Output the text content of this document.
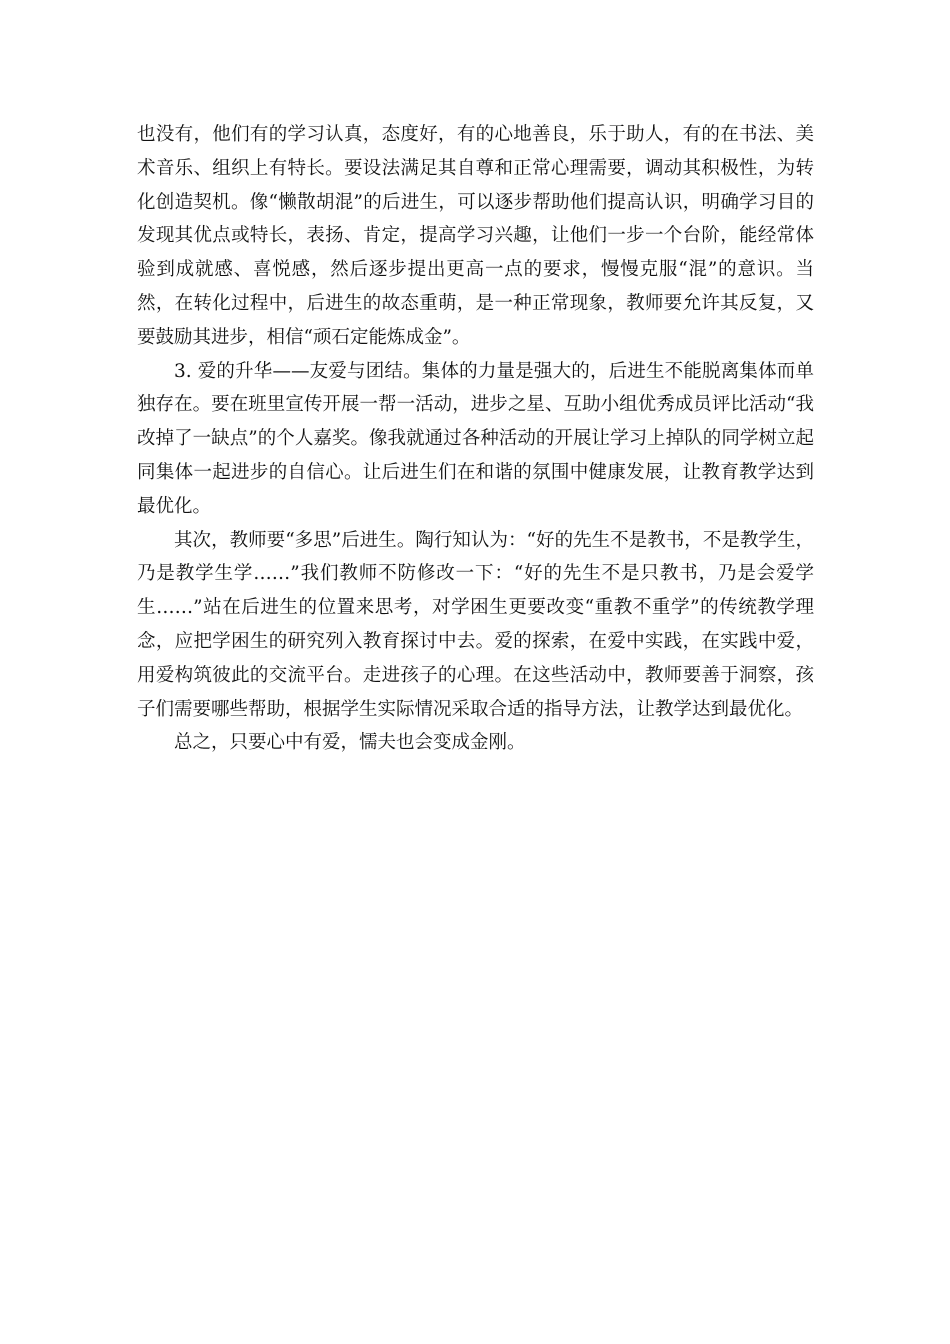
也没有，他们有的学习认真，态度好，有的心地善良，乐于助人，有的在书法、美术音乐、组织上有特长。要设法满足其自尊和正常心理需要，调动其积极性，为转化创造契机。像“懒散胡混”的后进生，可以逐步帮助他们提高认识，明确学习目的发现其优点或特长，表扬、肯定，提高学习兴趣，让他们一步一个台阶，能经常体验到成就感、喜悦感，然后逐步提出更高一点的要求，慢慢克服“混”的意识。当然，在转化过程中，后进生的故态重萌，是一种正常现象，教师要允许其反复，又要鼓励其进步，相信“顽石定能炼成金”。

3. 爱的升华——友爱与团结。集体的力量是强大的，后进生不能脱离集体而单独存在。要在班里宣传开展一帮一活动，进步之星、互助小组优秀成员评比活动“我改掉了一缺点”的个人嘉奖。像我就通过各种活动的开展让学习上掉队的同学树立起同集体一起进步的自信心。让后进生们在和谐的氛围中健康发展，让教育教学达到最优化。

其次，教师要“多思”后进生。陶行知认为：“好的先生不是教书，不是教学生，乃是教学生学……”我们教师不防修改一下：“好的先生不是只教书，乃是会爱学生……”站在后进生的位置来思考，对学困生更要改变“重教不重学”的传统教学理念，应把学困生的研究列入教育探讨中去。爱的探索，在爱中实践，在实践中爱，用爱构筑彼此的交流平台。走进孩子的心理。在这些活动中，教师要善于洞察，孩子们需要哪些帮助，根据学生实际情况采取合适的指导方法，让教学达到最优化。

总之，只要心中有爱，懦夫也会变成金刚。
